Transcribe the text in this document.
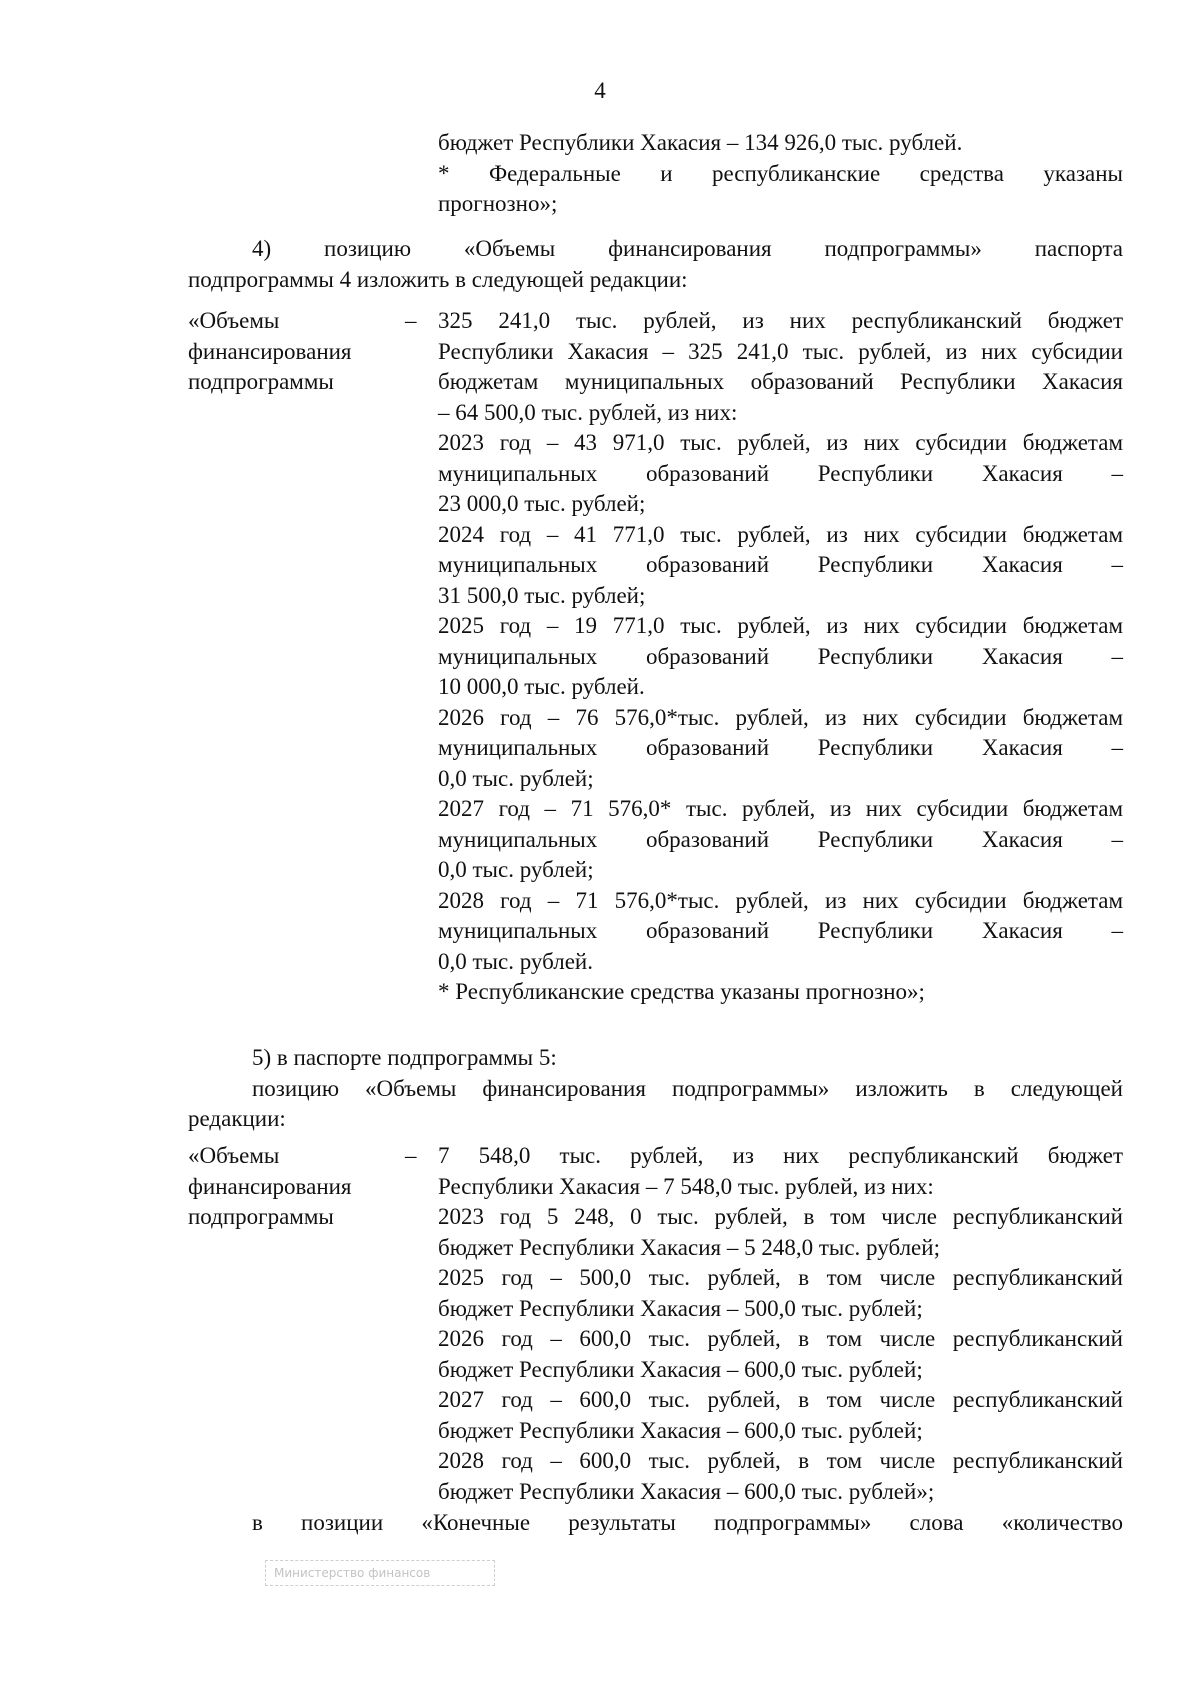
4
бюджет Республики Хакасия – 134 926,0 тыс. рублей.
* Федеральные и республиканские средства указаны
прогнозно»;
4) позицию «Объемы финансирования подпрограммы» паспорта
подпрограммы 4 изложить в следующей редакции:
«Объемы
финансирования
подпрограммы
– 325 241,0 тыс. рублей, из них республиканский бюджет
Республики Хакасия – 325 241,0 тыс. рублей, из них субсидии
бюджетам муниципальных образований Республики Хакасия
– 64 500,0 тыс. рублей, из них:
2023 год – 43 971,0 тыс. рублей, из них субсидии бюджетам
муниципальных образований Республики Хакасия –
23 000,0 тыс. рублей;
2024 год – 41 771,0 тыс. рублей, из них субсидии бюджетам
муниципальных образований Республики Хакасия –
31 500,0 тыс. рублей;
2025 год – 19 771,0 тыс. рублей, из них субсидии бюджетам
муниципальных образований Республики Хакасия –
10 000,0 тыс. рублей.
2026 год – 76 576,0*тыс. рублей, из них субсидии бюджетам
муниципальных образований Республики Хакасия –
0,0 тыс. рублей;
2027 год – 71 576,0* тыс. рублей, из них субсидии бюджетам
муниципальных образований Республики Хакасия –
0,0 тыс. рублей;
2028 год – 71 576,0*тыс. рублей, из них субсидии бюджетам
муниципальных образований Республики Хакасия –
0,0 тыс. рублей.
* Республиканские средства указаны прогнозно»;
5) в паспорте подпрограммы 5:
позицию «Объемы финансирования подпрограммы» изложить в следующей
редакции:
«Объемы
финансирования
подпрограммы
– 7 548,0 тыс. рублей, из них республиканский бюджет
Республики Хакасия – 7 548,0 тыс. рублей, из них:
2023 год 5 248, 0 тыс. рублей, в том числе республиканский
бюджет Республики Хакасия – 5 248,0 тыс. рублей;
2025 год – 500,0 тыс. рублей, в том числе республиканский
бюджет Республики Хакасия – 500,0 тыс. рублей;
2026 год – 600,0 тыс. рублей, в том числе республиканский
бюджет Республики Хакасия – 600,0 тыс. рублей;
2027 год – 600,0 тыс. рублей, в том числе республиканский
бюджет Республики Хакасия – 600,0 тыс. рублей;
2028 год – 600,0 тыс. рублей, в том числе республиканский
бюджет Республики Хакасия – 600,0 тыс. рублей»;
в позиции «Конечные результаты подпрограммы» слова «количество
Министерство финансов
